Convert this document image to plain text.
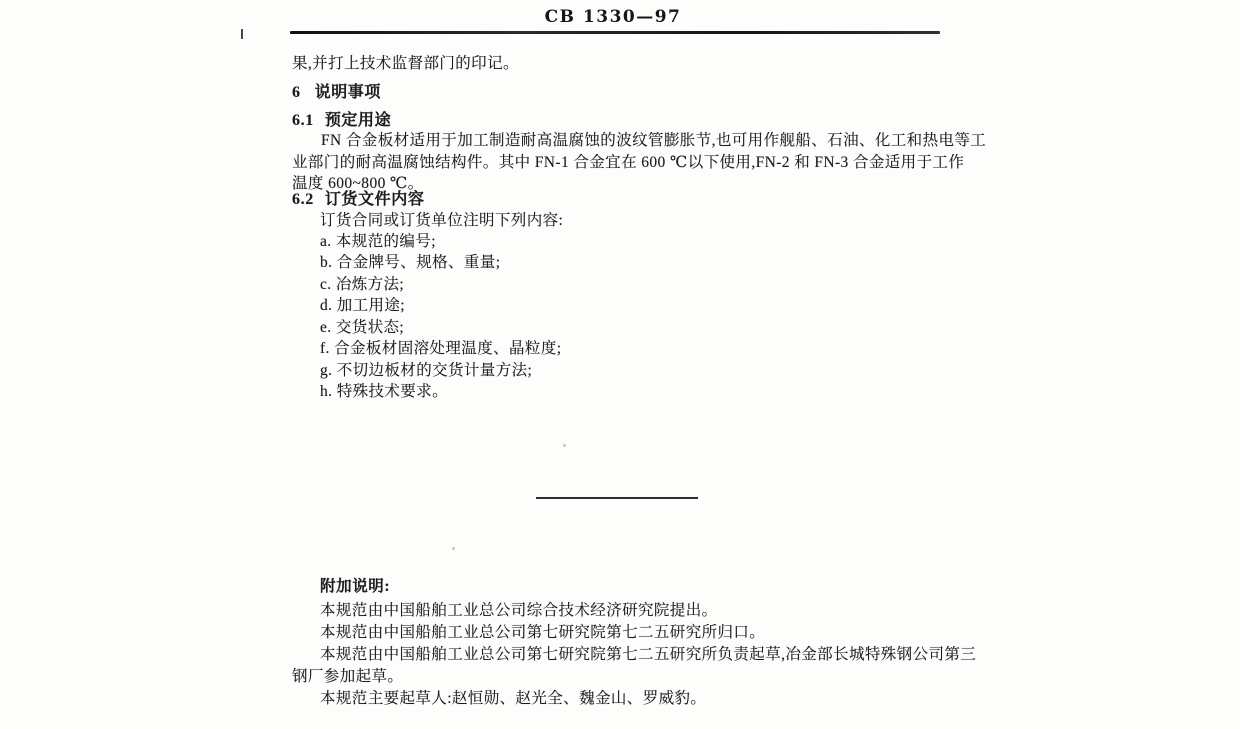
CB 1330—97
果,并打上技术监督部门的印记。
6 说明事项
6.1 预定用途
FN 合金板材适用于加工制造耐高温腐蚀的波纹管膨胀节,也可用作舰船、石油、化工和热电等工
业部门的耐高温腐蚀结构件。其中 FN-1 合金宜在 600 ℃以下使用,FN-2 和 FN-3 合金适用于工作
温度 600~800 ℃。
6.2 订货文件内容
订货合同或订货单位注明下列内容:
a. 本规范的编号;
b. 合金牌号、规格、重量;
c. 冶炼方法;
d. 加工用途;
e. 交货状态;
f. 合金板材固溶处理温度、晶粒度;
g. 不切边板材的交货计量方法;
h. 特殊技术要求。
附加说明:
本规范由中国船舶工业总公司综合技术经济研究院提出。
本规范由中国船舶工业总公司第七研究院第七二五研究所归口。
本规范由中国船舶工业总公司第七研究院第七二五研究所负责起草,冶金部长城特殊钢公司第三
钢厂参加起草。
本规范主要起草人:赵恒勋、赵光全、魏金山、罗威豹。
